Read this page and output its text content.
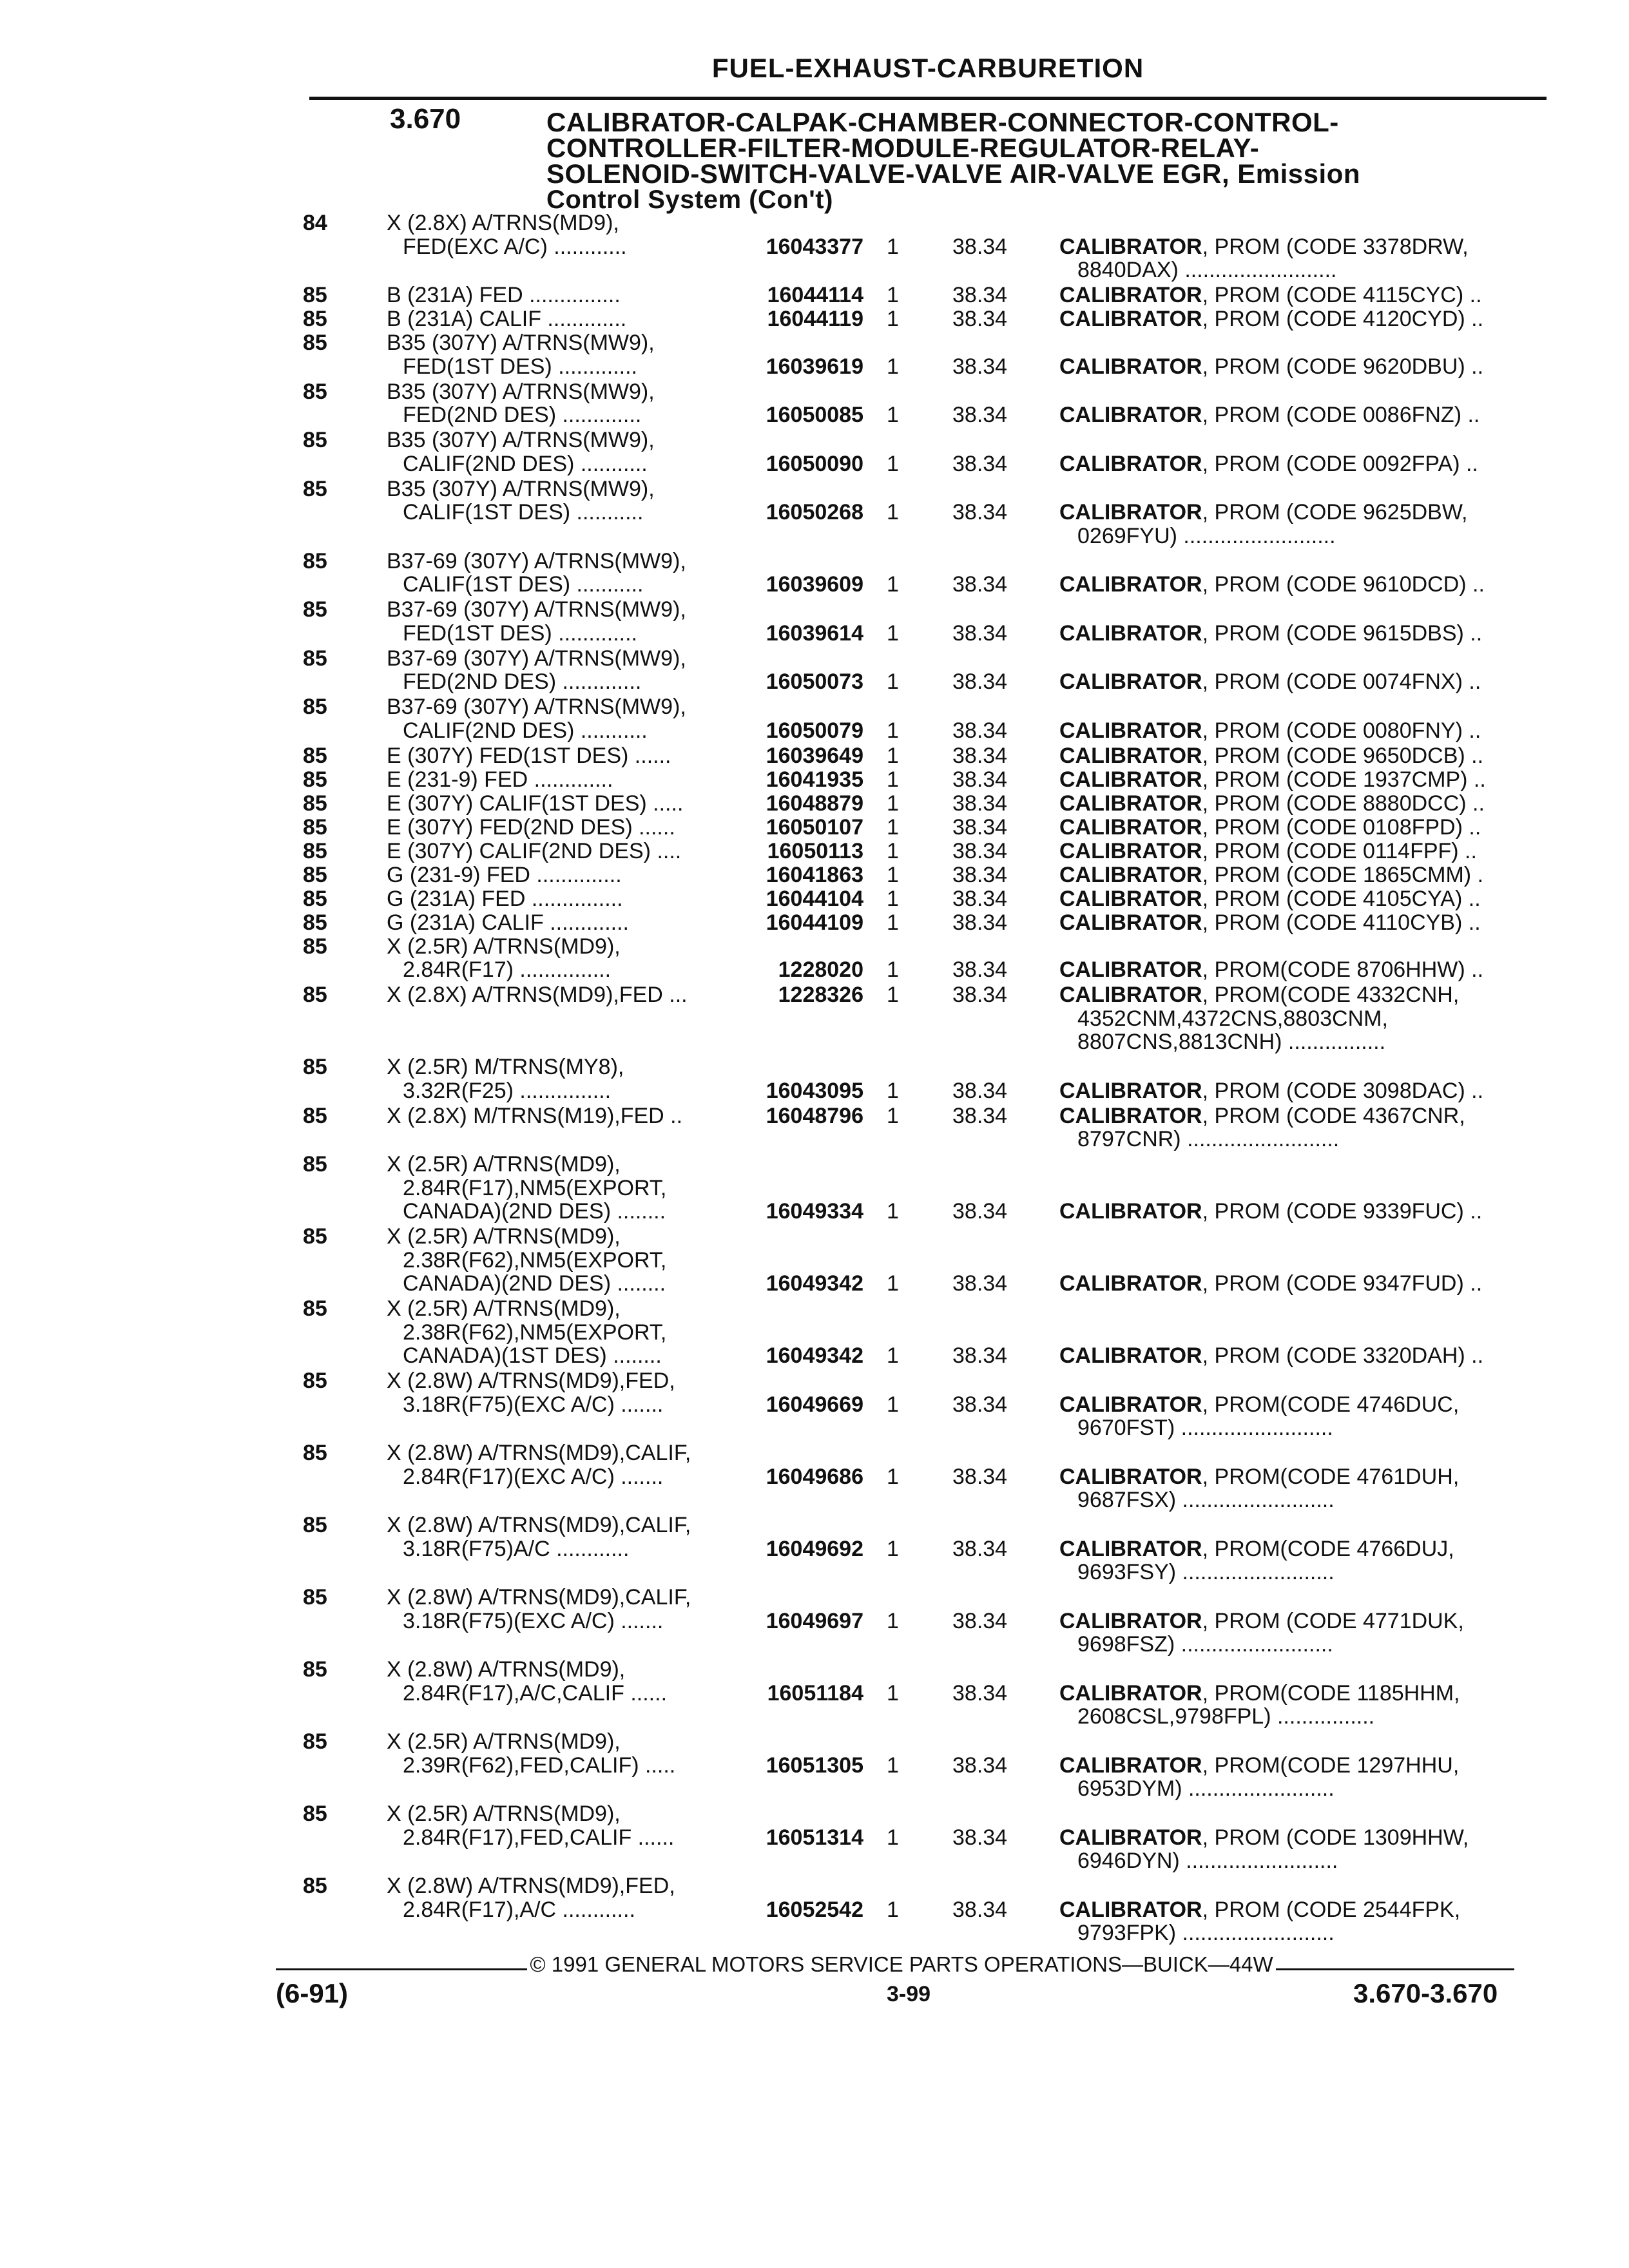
FUEL-EXHAUST-CARBURETION
3.670	CALIBRATOR-CALPAK-CHAMBER-CONNECTOR-CONTROL-
CONTROLLER-FILTER-MODULE-REGULATOR-RELAY-
SOLENOID-SWITCH-VALVE-VALVE AIR-VALVE EGR, Emission
Control System (Con't)
84	X (2.8X) A/TRNS(MD9),
FED(EXC A/C) ............	16043377 1 38.34 CALIBRATOR, PROM (CODE 3378DRW,
8840DAX) .........................
85	B (231A) FED ...............	16044114 1 38.34 CALIBRATOR, PROM (CODE 4115CYC) ..
85	B (231A) CALIF .............	16044119 1 38.34 CALIBRATOR, PROM (CODE 4120CYD) ..
85	B35 (307Y) A/TRNS(MW9),
FED(1ST DES) .............	16039619 1 38.34 CALIBRATOR, PROM (CODE 9620DBU) ..
85	B35 (307Y) A/TRNS(MW9),
FED(2ND DES) .............	16050085 1 38.34 CALIBRATOR, PROM (CODE 0086FNZ) ..
85	B35 (307Y) A/TRNS(MW9),
CALIF(2ND DES) ...........	16050090 1 38.34 CALIBRATOR, PROM (CODE 0092FPA) ..
85	B35 (307Y) A/TRNS(MW9),
CALIF(1ST DES) ...........	16050268 1 38.34 CALIBRATOR, PROM (CODE 9625DBW,
0269FYU) .........................
85	B37-69 (307Y) A/TRNS(MW9),
CALIF(1ST DES) ...........	16039609 1 38.34 CALIBRATOR, PROM (CODE 9610DCD) ..
85	B37-69 (307Y) A/TRNS(MW9),
FED(1ST DES) .............	16039614 1 38.34 CALIBRATOR, PROM (CODE 9615DBS) ..
85	B37-69 (307Y) A/TRNS(MW9),
FED(2ND DES) .............	16050073 1 38.34 CALIBRATOR, PROM (CODE 0074FNX) ..
85	B37-69 (307Y) A/TRNS(MW9),
CALIF(2ND DES) ...........	16050079 1 38.34 CALIBRATOR, PROM (CODE 0080FNY) ..
85	E (307Y) FED(1ST DES) ......	16039649 1 38.34 CALIBRATOR, PROM (CODE 9650DCB) ..
85	E (231-9) FED .............	16041935 1 38.34 CALIBRATOR, PROM (CODE 1937CMP) ..
85	E (307Y) CALIF(1ST DES) .....	16048879 1 38.34 CALIBRATOR, PROM (CODE 8880DCC) ..
85	E (307Y) FED(2ND DES) ......	16050107 1 38.34 CALIBRATOR, PROM (CODE 0108FPD) ..
85	E (307Y) CALIF(2ND DES) ....	16050113 1 38.34 CALIBRATOR, PROM (CODE 0114FPF) ..
85	G (231-9) FED ..............	16041863 1 38.34 CALIBRATOR, PROM (CODE 1865CMM) .
85	G (231A) FED ...............	16044104 1 38.34 CALIBRATOR, PROM (CODE 4105CYA) ..
85	G (231A) CALIF .............	16044109 1 38.34 CALIBRATOR, PROM (CODE 4110CYB) ..
85	X (2.5R) A/TRNS(MD9),
2.84R(F17) ...............	1228020 1 38.34 CALIBRATOR, PROM(CODE 8706HHW) ..
85	X (2.8X) A/TRNS(MD9),FED ...	1228326 1 38.34 CALIBRATOR, PROM(CODE 4332CNH,
4352CNM,4372CNS,8803CNM,
8807CNS,8813CNH) ................
85	X (2.5R) M/TRNS(MY8),
3.32R(F25) ...............	16043095 1 38.34 CALIBRATOR, PROM (CODE 3098DAC) ..
85	X (2.8X) M/TRNS(M19),FED ..	16048796 1 38.34 CALIBRATOR, PROM (CODE 4367CNR,
8797CNR) .........................
85	X (2.5R) A/TRNS(MD9),
2.84R(F17),NM5(EXPORT,
CANADA)(2ND DES) ........	16049334 1 38.34 CALIBRATOR, PROM (CODE 9339FUC) ..
85	X (2.5R) A/TRNS(MD9),
2.38R(F62),NM5(EXPORT,
CANADA)(2ND DES) ........	16049342 1 38.34 CALIBRATOR, PROM (CODE 9347FUD) ..
85	X (2.5R) A/TRNS(MD9),
2.38R(F62),NM5(EXPORT,
CANADA)(1ST DES) ........	16049342 1 38.34 CALIBRATOR, PROM (CODE 3320DAH) ..
85	X (2.8W) A/TRNS(MD9),FED,
3.18R(F75)(EXC A/C) .......	16049669 1 38.34 CALIBRATOR, PROM(CODE 4746DUC,
9670FST) .........................
85	X (2.8W) A/TRNS(MD9),CALIF,
2.84R(F17)(EXC A/C) .......	16049686 1 38.34 CALIBRATOR, PROM(CODE 4761DUH,
9687FSX) .........................
85	X (2.8W) A/TRNS(MD9),CALIF,
3.18R(F75)A/C ............	16049692 1 38.34 CALIBRATOR, PROM(CODE 4766DUJ,
9693FSY) .........................
85	X (2.8W) A/TRNS(MD9),CALIF,
3.18R(F75)(EXC A/C) .......	16049697 1 38.34 CALIBRATOR, PROM (CODE 4771DUK,
9698FSZ) .........................
85	X (2.8W) A/TRNS(MD9),
2.84R(F17),A/C,CALIF ......	16051184 1 38.34 CALIBRATOR, PROM(CODE 1185HHM,
2608CSL,9798FPL) ................
85	X (2.5R) A/TRNS(MD9),
2.39R(F62),FED,CALIF) .....	16051305 1 38.34 CALIBRATOR, PROM(CODE 1297HHU,
6953DYM) ........................
85	X (2.5R) A/TRNS(MD9),
2.84R(F17),FED,CALIF ......	16051314 1 38.34 CALIBRATOR, PROM (CODE 1309HHW,
6946DYN) .........................
85	X (2.8W) A/TRNS(MD9),FED,
2.84R(F17),A/C ............	16052542 1 38.34 CALIBRATOR, PROM (CODE 2544FPK,
9793FPK) .........................
© 1991 GENERAL MOTORS SERVICE PARTS OPERATIONS—BUICK—44W
(6-91)	3-99	3.670-3.670
